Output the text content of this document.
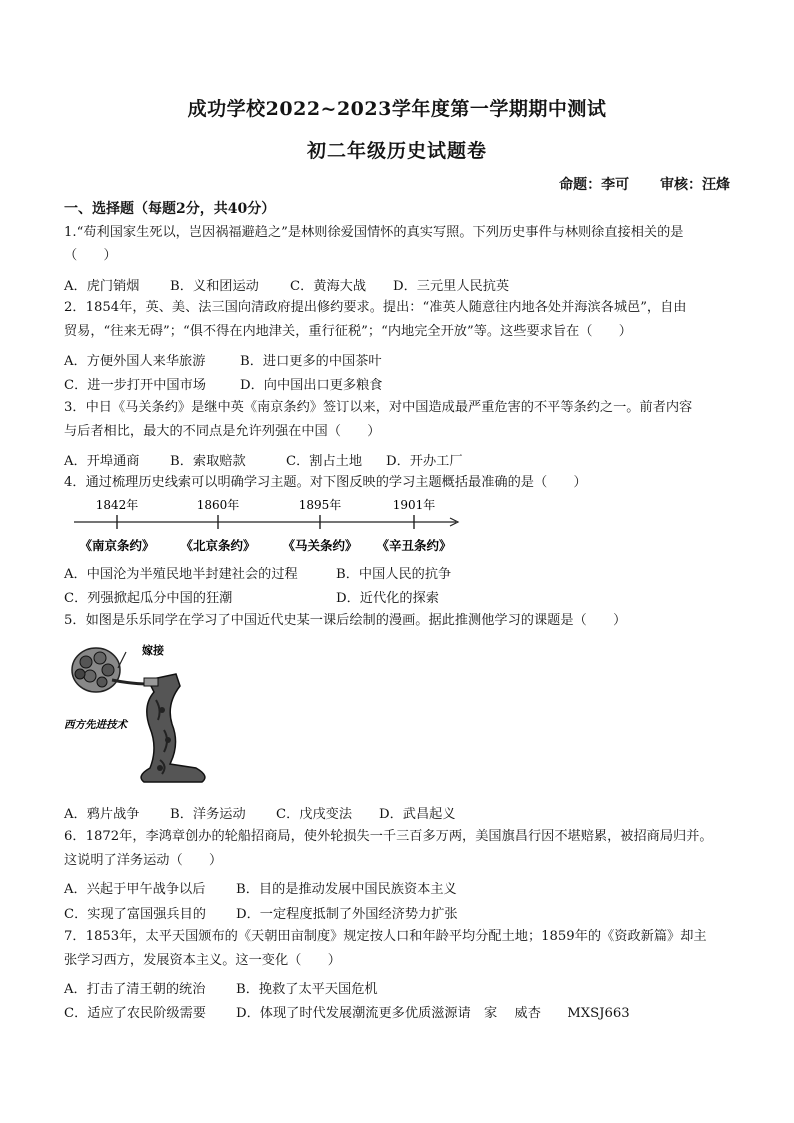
成功学校2022~2023学年度第一学期期中测试
初二年级历史试题卷
命题：李可 审核：汪烽
一、选择题（每题2分，共40分）
1.“苟利国家生死以，岂因祸福避趋之”是林则徐爱国情怀的真实写照。下列历史事件与林则徐直接相关的是
（　　）
A．虎门销烟 B．义和团运动 C．黄海大战 D．三元里人民抗英
2．1854年，英、美、法三国向清政府提出修约要求。提出：“准英人随意往内地各处并海滨各城邑”，自由
贸易，“往来无碍”；“俱不得在内地津关，重行征税”；“内地完全开放”等。这些要求旨在（　　）
A．方便外国人来华旅游	B．进口更多的中国茶叶
C．进一步打开中国市场	D．向中国出口更多粮食
3．中日《马关条约》是继中英《南京条约》签订以来，对中国造成最严重危害的不平等条约之一。前者内容
与后者相比，最大的不同点是允许列强在中国（　　）
A．开埠通商 B．索取赔款	C．割占土地 D．开办工厂
4．通过梳理历史线索可以明确学习主题。对下图反映的学习主题概括最准确的是（　　）
1842年	1860年	1895年	1901年
《南京条约》 《北京条约》 《马关条约》 《辛丑条约》
A．中国沦为半殖民地半封建社会的过程	B．中国人民的抗争
C．列强掀起瓜分中国的狂潮	D．近代化的探索
5．如图是乐乐同学在学习了中国近代史某一课后绘制的漫画。据此推测他学习的课题是（　　）
嫁接
西方先进技术
A．鸦片战争 B．洋务运动 C．戊戌变法 D．武昌起义
6．1872年，李鸿章创办的轮船招商局，使外轮损失一千三百多万两，美国旗昌行因不堪赔累，被招商局归并。
这说明了洋务运动（　　）
A．兴起于甲午战争以后 B．目的是推动发展中国民族资本主义
C．实现了富国强兵目的 D．一定程度抵制了外国经济势力扩张
7．1853年，太平天国颁布的《天朝田亩制度》规定按人口和年龄平均分配土地；1859年的《资政新篇》却主
张学习西方，发展资本主义。这一变化（　　）
A．打击了清王朝的统治 B．挽救了太平天国危机
C．适应了农民阶级需要 D．体现了时代发展潮流更多优质滋源请　家　 威杏　　MXSJ663
